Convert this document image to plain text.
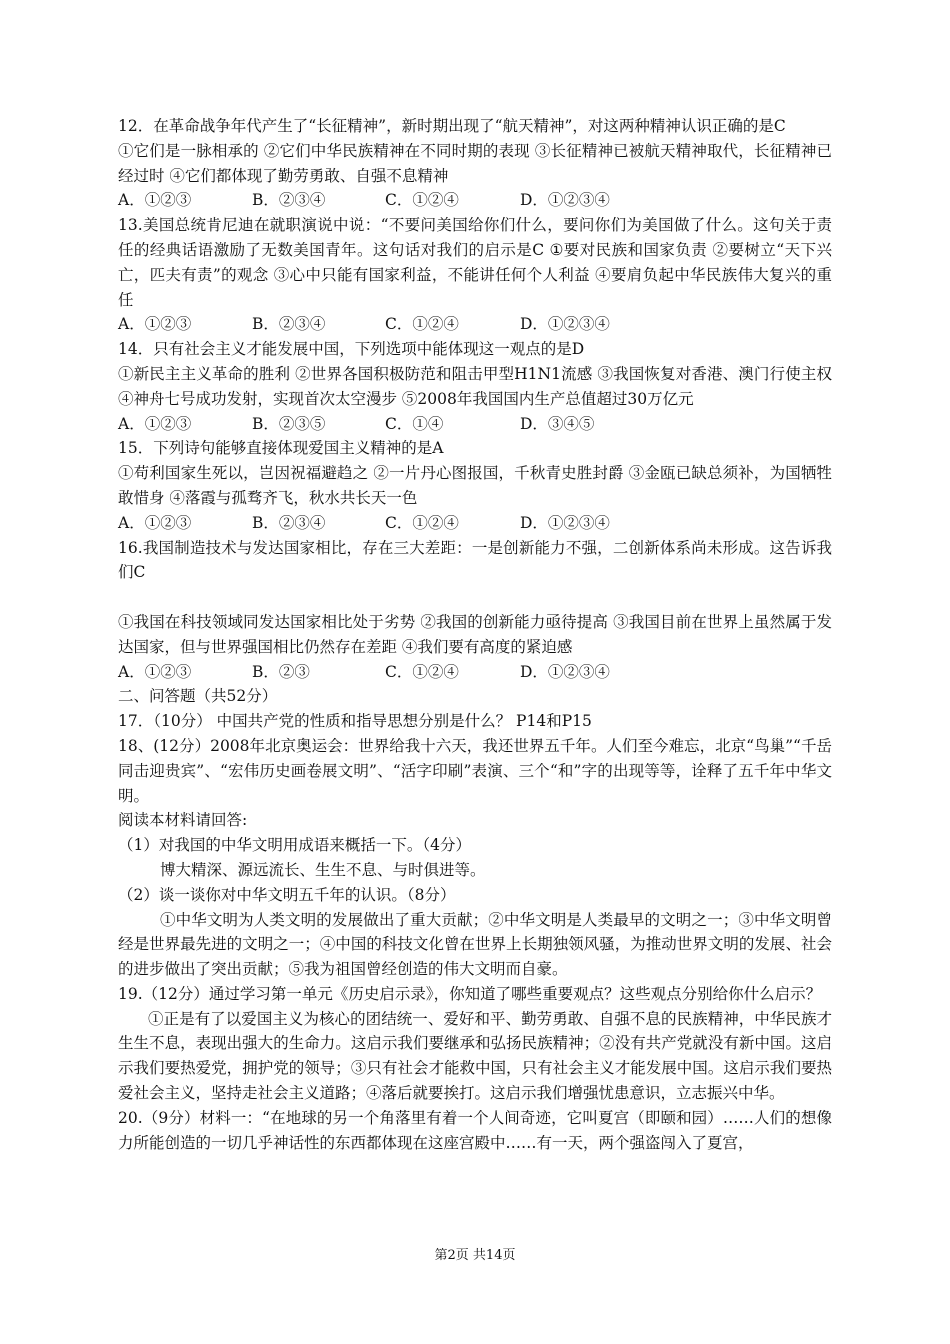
12．在革命战争年代产生了“长征精神”，新时期出现了“航天精神”，对这两种精神认识正确的是C

①它们是一脉相承的 ②它们中华民族精神在不同时期的表现 ③长征精神已被航天精神取代，长征精神已经过时 ④它们都体现了勤劳勇敢、自强不息精神

A．①②③	B．②③④	C．①②④	D．①②③④

13.美国总统肯尼迪在就职演说中说：“不要问美国给你们什么，要问你们为美国做了什么。这句关于责任的经典话语激励了无数美国青年。这句话对我们的启示是C ①要对民族和国家负责 ②要树立“天下兴亡，匹夫有责”的观念 ③心中只能有国家利益，不能讲任何个人利益 ④要肩负起中华民族伟大复兴的重任

A．①②③	B．②③④	C．①②④	D．①②③④

14．只有社会主义才能发展中国，下列选项中能体现这一观点的是D

①新民主主义革命的胜利 ②世界各国积极防范和阻击甲型H1N1流感 ③我国恢复对香港、澳门行使主权 ④神舟七号成功发射，实现首次太空漫步 ⑤2008年我国国内生产总值超过30万亿元

A．①②③	B．②③⑤	C．①④	D．③④⑤

15．下列诗句能够直接体现爱国主义精神的是A

①苟利国家生死以，岂因祝福避趋之 ②一片丹心图报国，千秋青史胜封爵 ③金瓯已缺总须补，为国牺牲敢惜身 ④落霞与孤骛齐飞，秋水共长天一色

A．①②③	B．②③④	C．①②④	D．①②③④

16.我国制造技术与发达国家相比，存在三大差距：一是创新能力不强，二创新体系尚未形成。这告诉我们C

①我国在科技领域同发达国家相比处于劣势 ②我国的创新能力亟待提高 ③我国目前在世界上虽然属于发达国家，但与世界强国相比仍然存在差距 ④我们要有高度的紧迫感

A．①②③	B．②③	C．①②④	D．①②③④

二、问答题（共52分）

17．（10分） 中国共产党的性质和指导思想分别是什么？ P14和P15

18、(12分）2008年北京奥运会：世界给我十六天，我还世界五千年。人们至今难忘，北京“鸟巢”“千岳同击迎贵宾”、“宏伟历史画卷展文明”、“活字印刷”表演、三个“和”字的出现等等，诠释了五千年中华文明。

阅读本材料请回答:

（1）对我国的中华文明用成语来概括一下。（4分）

博大精深、源远流长、生生不息、与时俱进等。

（2）谈一谈你对中华文明五千年的认识。（8分）

①中华文明为人类文明的发展做出了重大贡献；②中华文明是人类最早的文明之一；③中华文明曾经是世界最先进的文明之一；④中国的科技文化曾在世界上长期独领风骚，为推动世界文明的发展、社会的进步做出了突出贡献；⑤我为祖国曾经创造的伟大文明而自豪。

19.（12分）通过学习第一单元《历史启示录》，你知道了哪些重要观点？这些观点分别给你什么启示？

①正是有了以爱国主义为核心的团结统一、爱好和平、勤劳勇敢、自强不息的民族精神，中华民族才生生不息，表现出强大的生命力。这启示我们要继承和弘扬民族精神；②没有共产党就没有新中国。这启示我们要热爱党，拥护党的领导；③只有社会才能救中国，只有社会主义才能发展中国。这启示我们要热爱社会主义，坚持走社会主义道路；④落后就要挨打。这启示我们增强忧患意识，立志振兴中华。

20.（9分）材料一：“在地球的另一个角落里有着一个人间奇迹，它叫夏宫（即颐和园）……人们的想像力所能创造的一切几乎神话性的东西都体现在这座宫殿中……有一天，两个强盗闯入了夏宫，

第2页 共14页
